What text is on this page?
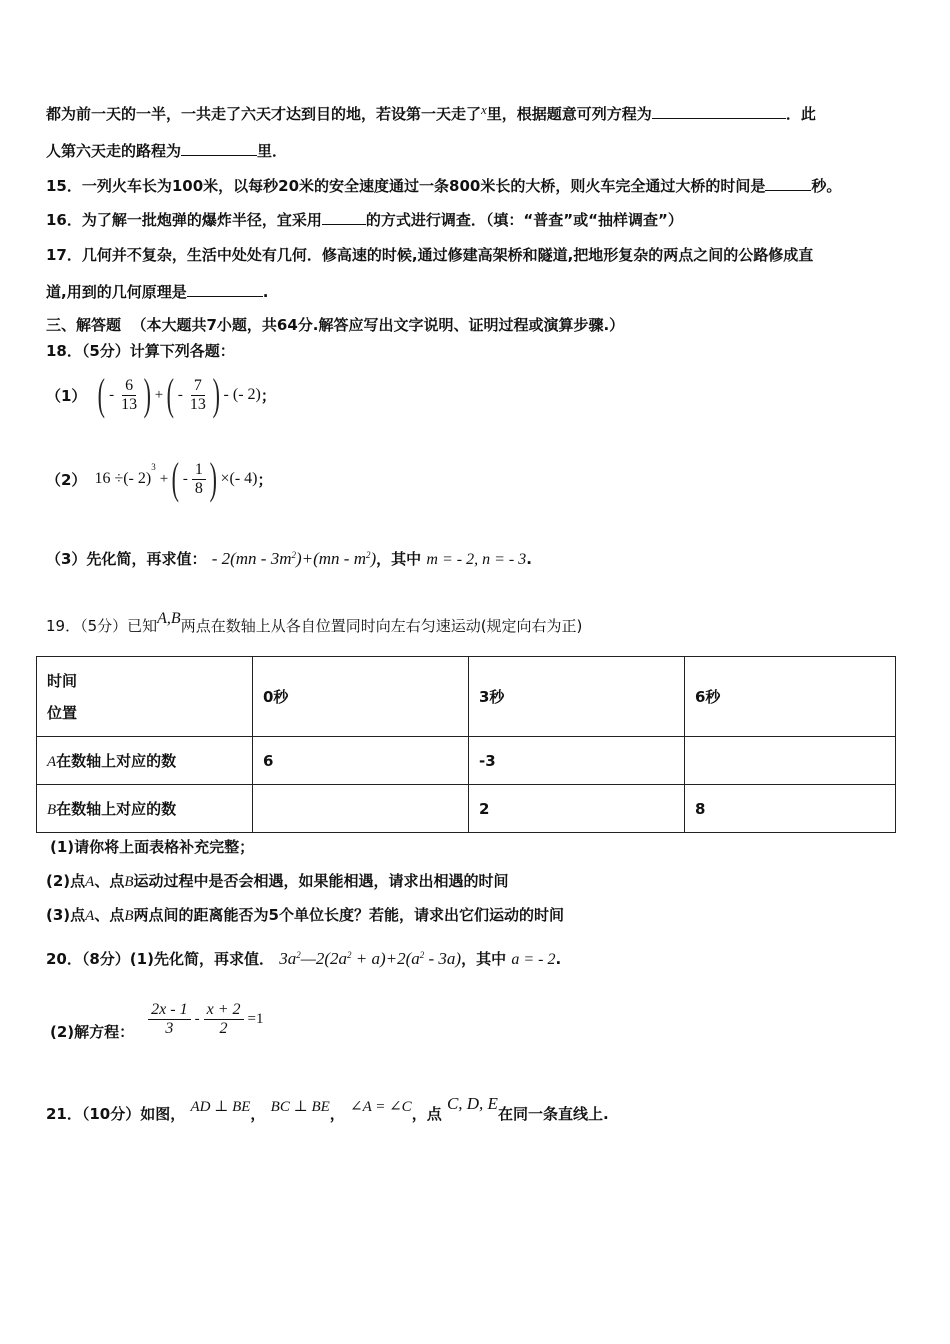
都为前一天的一半，一共走了六天才达到目的地，若设第一天走了x里，根据题意可列方程为	．此
人第六天走的路程为	里．
15．一列火车长为100米，以每秒20米的安全速度通过一条800米长的大桥，则火车完全通过大桥的时间是	秒。
16．为了解一批炮弹的爆炸半径，宜采用	的方式进行调查．（填：“普查”或“抽样调查”）
17．几何并不复杂，生活中处处有几何．修高速的时候,通过修建高架桥和隧道,把地形复杂的两点之间的公路修成直
道,用到的几何原理是	.
三、解答题 （本大题共7小题，共64分.解答应写出文字说明、证明过程或演算步骤.）
18．（5分）计算下列各题：
（1） ( - $\frac{6}{13}$ ) + ( - $\frac{7}{13}$ ) - (- 2) ；
（2） 16 ÷(- 2)
3
+ ( - $\frac{1}{8}$ ) ×(- 4) ；
（3）先化简，再求值： - $2(mn - 3m^2)+(mn - m^2)$，其中 m = - 2, n = - 3.
19．（5分）已知A,B两点在数轴上从各自位置同时向左右匀速运动(规定向右为正)
时间
位置	0秒	3秒	6秒
A在数轴上对应的数	6	-3	
B在数轴上对应的数		2	8
(1)请你将上面表格补充完整；
(2)点A、点B运动过程中是否会相遇，如果能相遇，请求出相遇的时间
(3)点A、点B两点间的距离能否为5个单位长度？若能，请求出它们运动的时间
20．（8分）(1)先化简，再求值． $3a^2—2(2a^2 + a)+2(a^2 - 3a)$，其中 a = - 2.
(2)解方程： $\frac{2x - 1}{3} - \frac{x + 2}{2} =1$
21．（10分）如图， AD ⊥ BE， BC ⊥ BE， ∠A = ∠C，点 C, D, E在同一条直线上.
